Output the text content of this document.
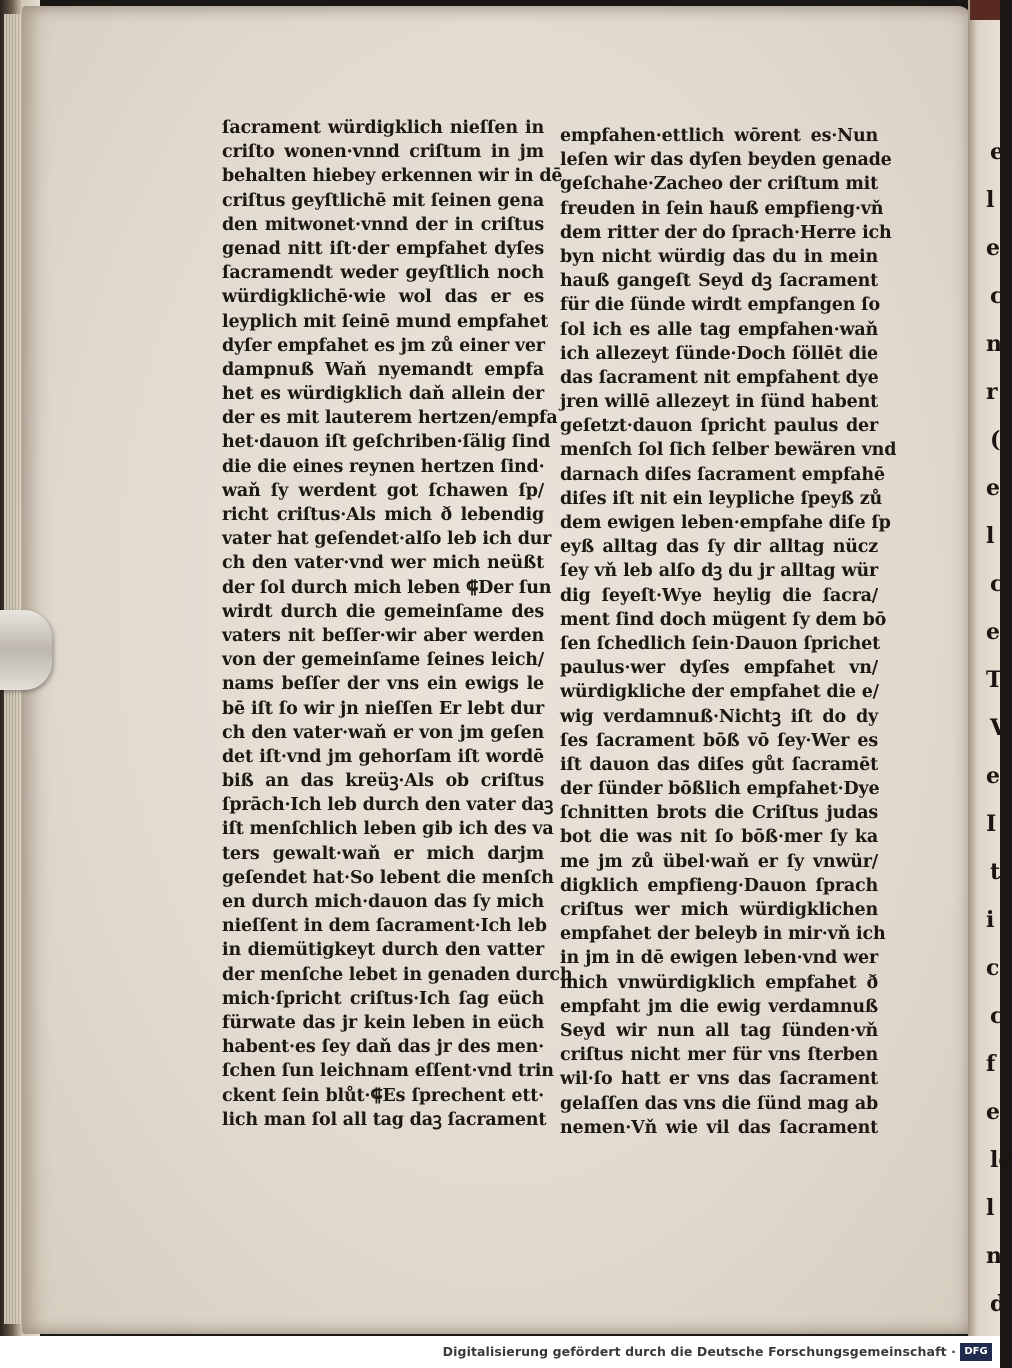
e
l
e
c
n
r
(
e
l
c
e
T
V
e
I
t
i
c
c
f
e
le
l
n
d
ſacrament würdigklich nieſſen in
criſto wonen·vnnd criſtum in jm
behalten hiebey erkennen wir in dē
criſtus geyſtlichē mit ſeinen gena
den mitwonet·vnnd der in criſtus
genad nitt iſt·der empfahet dyſes
ſacramendt weder geyſtlich noch
würdigklichē·wie wol das er es
leyplich mit ſeinē mund empfahet
dyſer empfahet es jm zů einer ver
dampnuß Waň nyemandt empfa
het es würdigklich daň allein der
der es mit lauterem hertzen/empfa
het·dauon iſt geſchriben·ſälig ſind
die die eines reynen hertzen ſind·
waň ſy werdent got ſchawen ſp/
richt criſtus·Als mich ð lebendig
vater hat geſendet·alſo leb ich dur
ch den vater·vnd wer mich neüßt
der ſol durch mich leben ⸿Der ſun
wirdt durch die gemeinſame des
vaters nit beſſer·wir aber werden
von der gemeinſame ſeines leich/
nams beſſer der vns ein ewigs le
bē iſt ſo wir jn nieſſen Er lebt dur
ch den vater·waň er von jm geſen
det iſt·vnd jm gehorſam iſt wordē
biß an das kreüꝫ·Als ob criſtus
ſprāch·Ich leb durch den vater daꝫ
iſt menſchlich leben gib ich des va
ters gewalt·waň er mich darjm
geſendet hat·So lebent die menſch
en durch mich·dauon das ſy mich
nieſſent in dem ſacrament·Ich leb
in diemütigkeyt durch den vatter
der menſche lebet in genaden durch
mich·ſpricht criſtus·Ich ſag eüch
fürwate das jr kein leben in eüch
habent·es ſey daň das jr des men·
ſchen ſun leichnam eſſent·vnd trin
ckent ſein blůt·⸿Es ſprechent ett·
lich man ſol all tag daꝫ ſacrament
empfahen·ettlich wōrent es·Nun
leſen wir das dyſen beyden genade
geſchahe·Zacheo der criſtum mit
freuden in ſein hauß empfieng·vň
dem ritter der do ſprach·Herre ich
byn nicht würdig das du in mein
hauß gangeſt Seyd dꝫ ſacrament
für die ſünde wirdt empfangen ſo
ſol ich es alle tag empfahen·waň
ich allezeyt ſünde·Doch ſöllēt die
das ſacrament nit empfahent dye
jren willē allezeyt in ſünd habent
geſetzt·dauon ſpricht paulus der
menſch ſol ſich ſelber bewären vnd
darnach diſes ſacrament empfahē
diſes iſt nit ein leypliche ſpeyß zů
dem ewigen leben·empfahe diſe ſp
eyß alltag das ſy dir alltag nücz
ſey vň leb alſo dꝫ du jr alltag wür
dig ſeyeſt·Wye heylig die ſacra/
ment ſind doch mügent ſy dem bō
ſen ſchedlich ſein·Dauon ſprichet
paulus·wer dyſes empfahet vn/
würdigkliche der empfahet die e/
wig verdamnuß·Nichtꝫ iſt do dy
ſes ſacrament bōß vō ſey·Wer es
iſt dauon das diſes gůt ſacramēt
der ſünder bōßlich empfahet·Dye
ſchnitten brots die Criſtus judas
bot die was nit ſo bōß·mer ſy ka
me jm zů übel·waň er ſy vnwür/
digklich empfieng·Dauon ſprach
criſtus wer mich würdigklichen
empfahet der beleyb in mir·vň ich
in jm in dē ewigen leben·vnd wer
mich vnwürdigklich empfahet ð
empfaht jm die ewig verdamnuß
Seyd wir nun all tag ſünden·vň
criſtus nicht mer für vns ſterben
wil·ſo hatt er vns das ſacrament
gelaſſen das vns die ſünd mag ab
nemen·Vň wie vil das ſacrament
Digitalisierung gefördert durch die Deutsche Forschungsgemeinschaft · DFG
